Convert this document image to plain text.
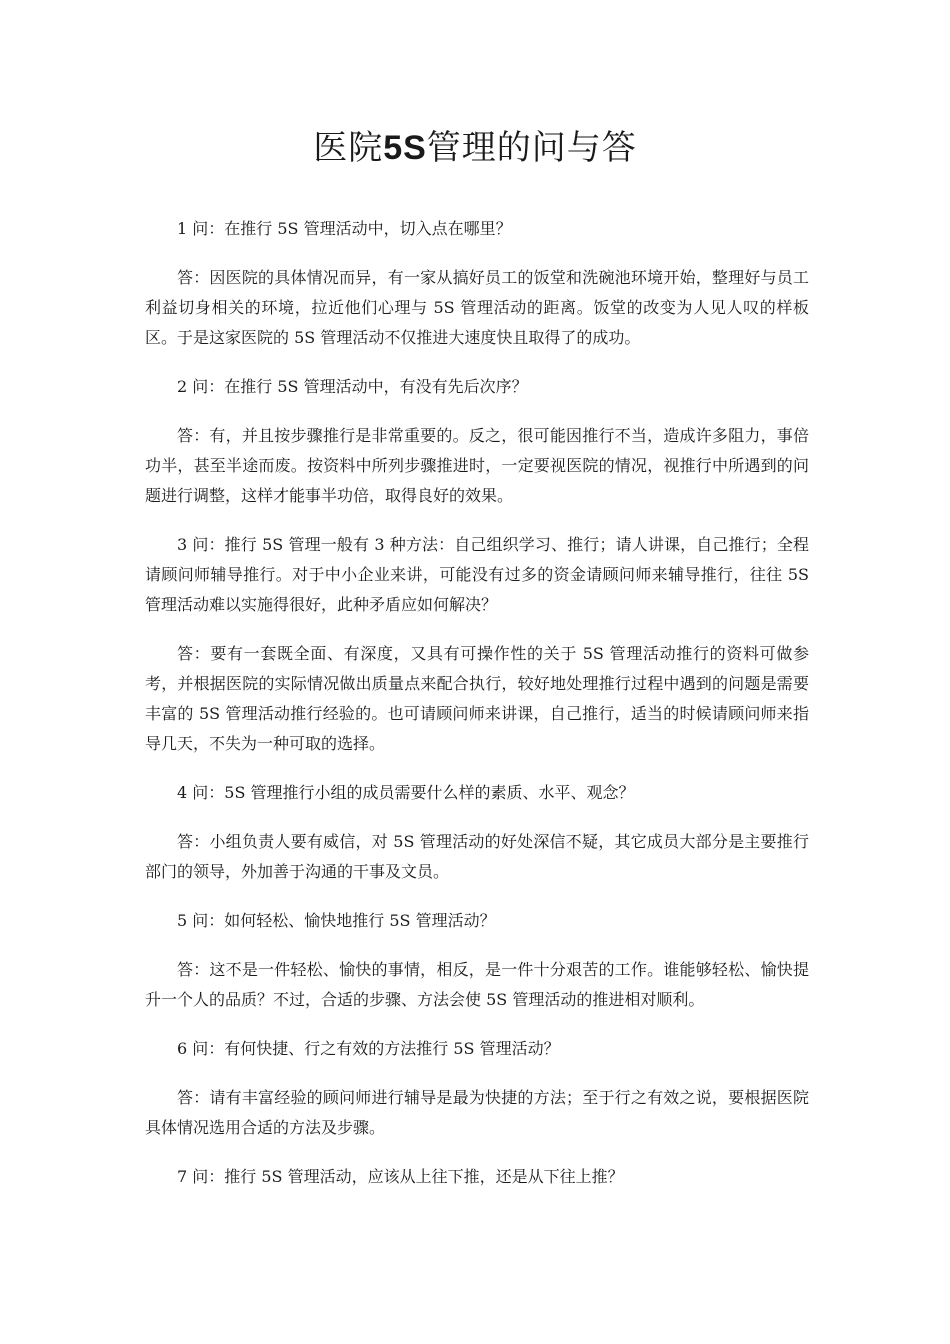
医院5S管理的问与答

1 问：在推行 5S 管理活动中，切入点在哪里？

答：因医院的具体情况而异，有一家从搞好员工的饭堂和洗碗池环境开始，整理好与员工利益切身相关的环境，拉近他们心理与 5S 管理活动的距离。饭堂的改变为人见人叹的样板区。于是这家医院的 5S 管理活动不仅推进大速度快且取得了的成功。

2 问：在推行 5S 管理活动中，有没有先后次序？

答：有，并且按步骤推行是非常重要的。反之，很可能因推行不当，造成许多阻力，事倍功半，甚至半途而废。按资料中所列步骤推进时，一定要视医院的情况，视推行中所遇到的问题进行调整，这样才能事半功倍，取得良好的效果。

3 问：推行 5S 管理一般有 3 种方法：自己组织学习、推行；请人讲课，自己推行；全程请顾问师辅导推行。对于中小企业来讲，可能没有过多的资金请顾问师来辅导推行，往往 5S 管理活动难以实施得很好，此种矛盾应如何解决？

答：要有一套既全面、有深度，又具有可操作性的关于 5S 管理活动推行的资料可做参考，并根据医院的实际情况做出质量点来配合执行，较好地处理推行过程中遇到的问题是需要丰富的 5S 管理活动推行经验的。也可请顾问师来讲课，自己推行，适当的时候请顾问师来指导几天，不失为一种可取的选择。

4 问：5S 管理推行小组的成员需要什么样的素质、水平、观念？

答：小组负责人要有威信，对 5S 管理活动的好处深信不疑，其它成员大部分是主要推行部门的领导，外加善于沟通的干事及文员。

5 问：如何轻松、愉快地推行 5S 管理活动？

答：这不是一件轻松、愉快的事情，相反，是一件十分艰苦的工作。谁能够轻松、愉快提升一个人的品质？不过，合适的步骤、方法会使 5S 管理活动的推进相对顺利。

6 问：有何快捷、行之有效的方法推行 5S 管理活动？

答：请有丰富经验的顾问师进行辅导是最为快捷的方法；至于行之有效之说，要根据医院具体情况选用合适的方法及步骤。

7 问：推行 5S 管理活动，应该从上往下推，还是从下往上推？
